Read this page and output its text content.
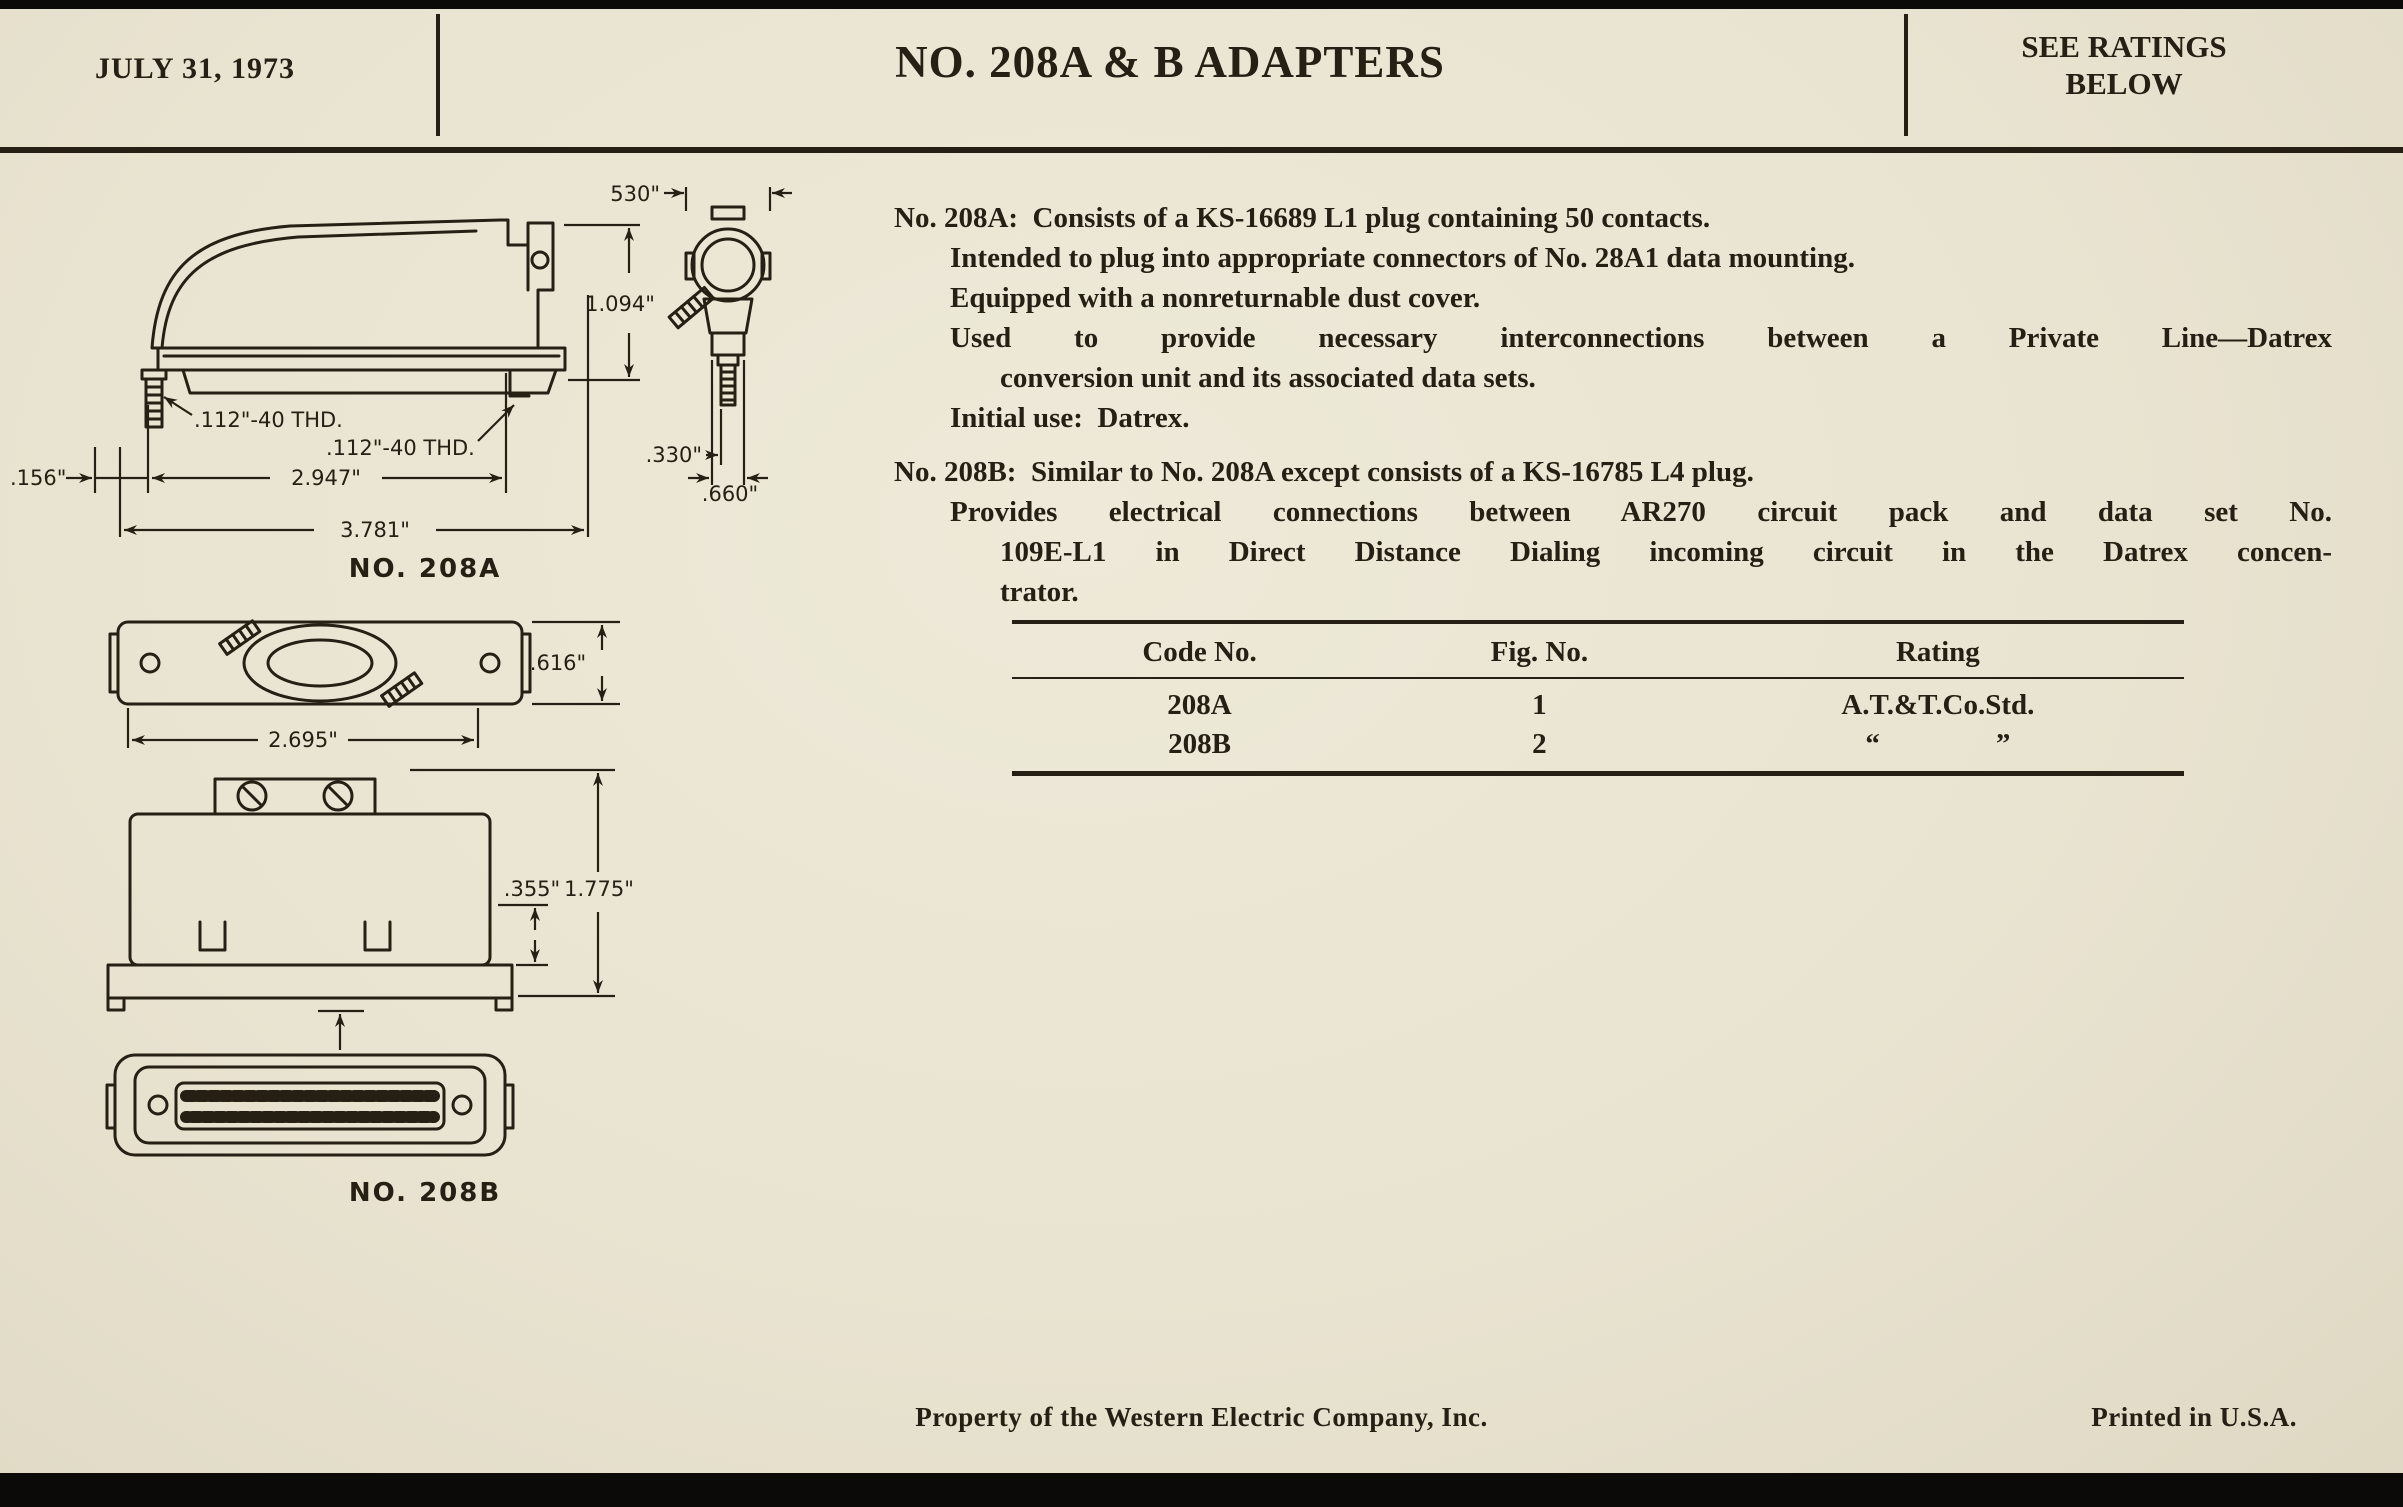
JULY 31, 1973	NO. 208A & B ADAPTERS	SEE RATINGS
BELOW
530"
1.094"
.112"-40 THD.
.112"-40 THD.
.156"	2.947"
3.781"
.330"
.660"
NO. 208A
.616"
2.695"
.355" 1.775"
NO. 208B
No. 208A:  Consists of a KS-16689 L1 plug containing 50 contacts.
Intended to plug into appropriate connectors of No. 28A1 data mounting.
Equipped with a nonreturnable dust cover.
Used to provide necessary interconnections between a Private Line—Datrex
conversion unit and its associated data sets.
Initial use:  Datrex.
No. 208B:  Similar to No. 208A except consists of a KS-16785 L4 plug.
Provides electrical connections between AR270 circuit pack and data set No.
109E-L1 in Direct Distance Dialing incoming circuit in the Datrex concen-
trator.
Code No.	Fig. No.	Rating
208A	1	A.T.&T.Co.Std.
208B	2	“                ”
Property of the Western Electric Company, Inc.	Printed in U.S.A.
